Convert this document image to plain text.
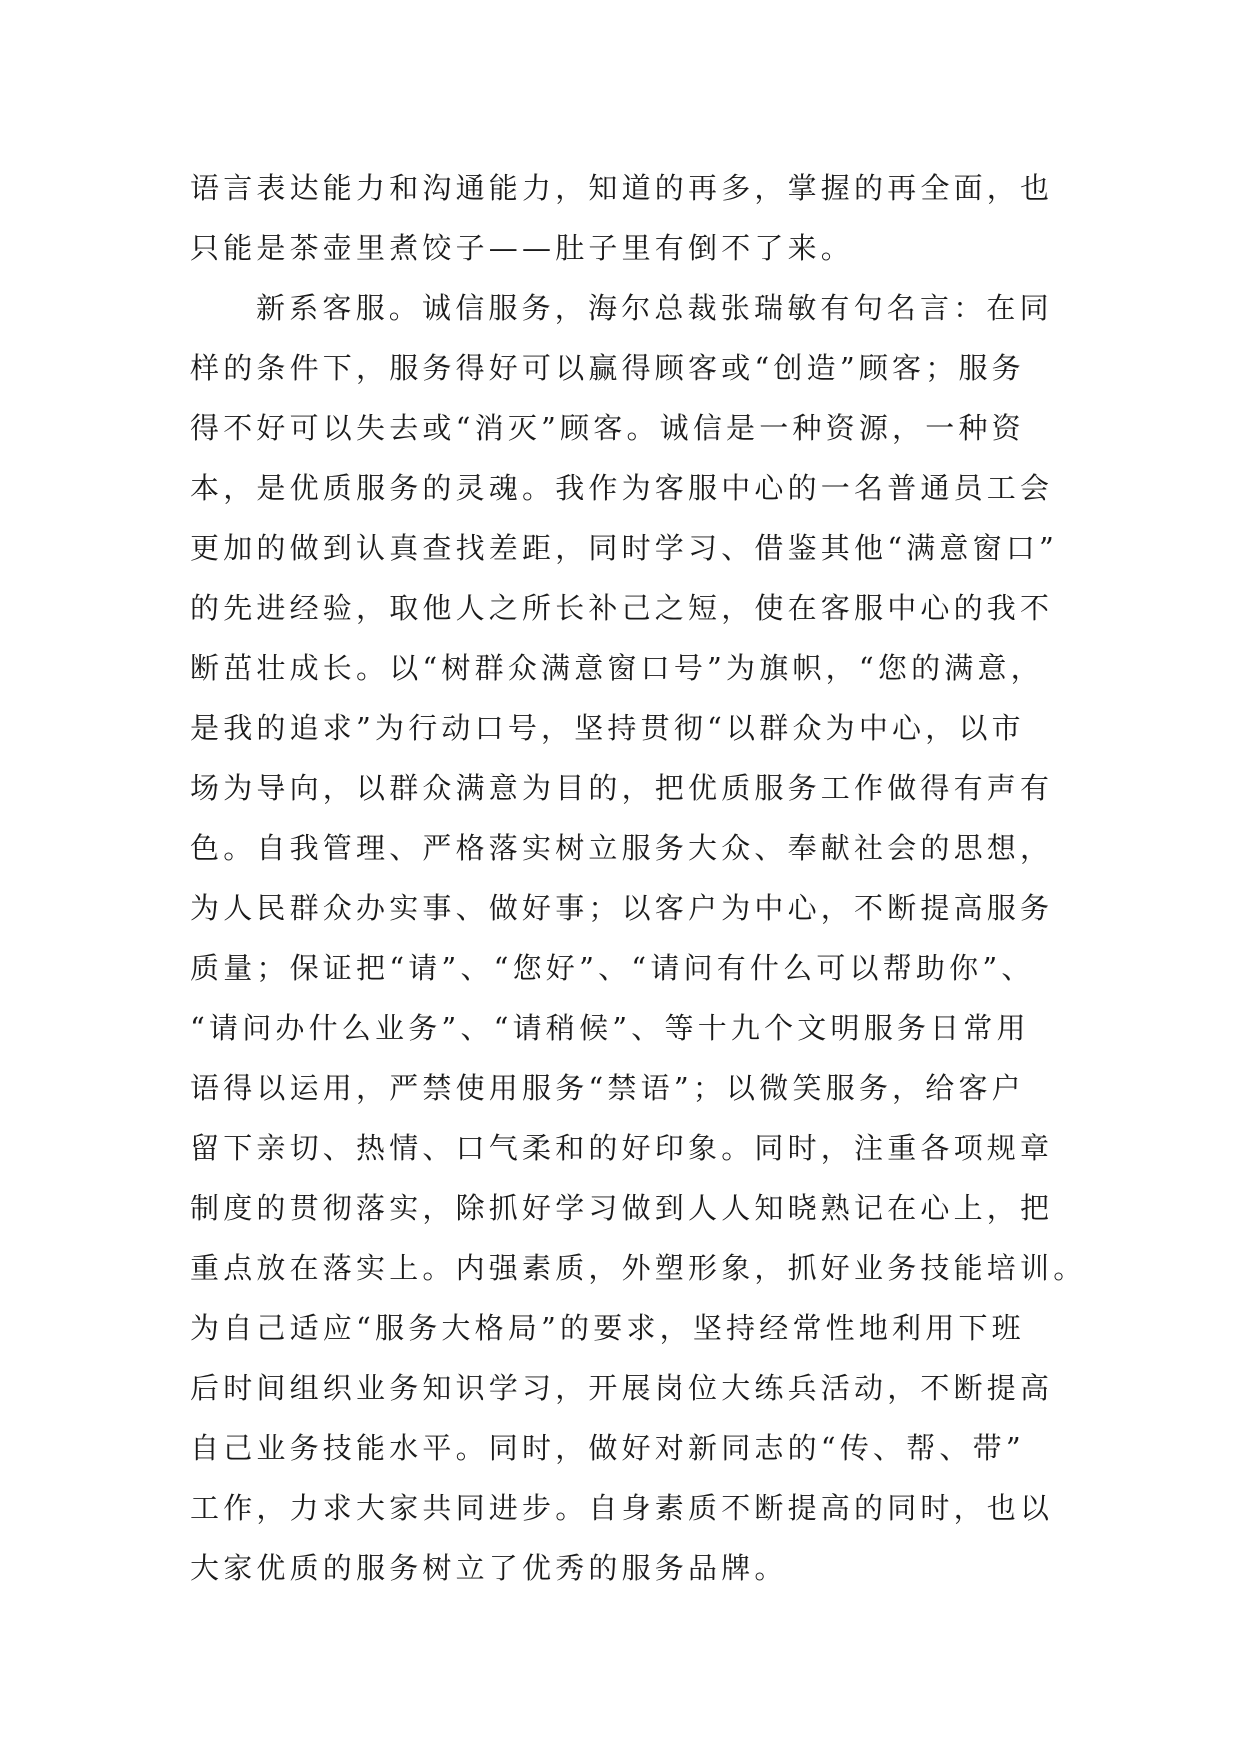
语言表达能力和沟通能力，知道的再多，掌握的再全面，也
只能是茶壶里煮饺子——肚子里有倒不了来。
新系客服。诚信服务，海尔总裁张瑞敏有句名言：在同
样的条件下，服务得好可以赢得顾客或“创造”顾客；服务
得不好可以失去或“消灭”顾客。诚信是一种资源，一种资
本，是优质服务的灵魂。我作为客服中心的一名普通员工会
更加的做到认真查找差距，同时学习、借鉴其他“满意窗口”
的先进经验，取他人之所长补己之短，使在客服中心的我不
断茁壮成长。以“树群众满意窗口号”为旗帜，“您的满意，
是我的追求”为行动口号，坚持贯彻“以群众为中心，以市
场为导向，以群众满意为目的，把优质服务工作做得有声有
色。自我管理、严格落实树立服务大众、奉献社会的思想，
为人民群众办实事、做好事；以客户为中心，不断提高服务
质量；保证把“请”、“您好”、“请问有什么可以帮助你”、
“请问办什么业务”、“请稍候”、等十九个文明服务日常用
语得以运用，严禁使用服务“禁语”；以微笑服务，给客户
留下亲切、热情、口气柔和的好印象。同时，注重各项规章
制度的贯彻落实，除抓好学习做到人人知晓熟记在心上，把
重点放在落实上。内强素质，外塑形象，抓好业务技能培训。
为自己适应“服务大格局”的要求，坚持经常性地利用下班
后时间组织业务知识学习，开展岗位大练兵活动，不断提高
自己业务技能水平。同时，做好对新同志的“传、帮、带”
工作，力求大家共同进步。自身素质不断提高的同时，也以
大家优质的服务树立了优秀的服务品牌。
